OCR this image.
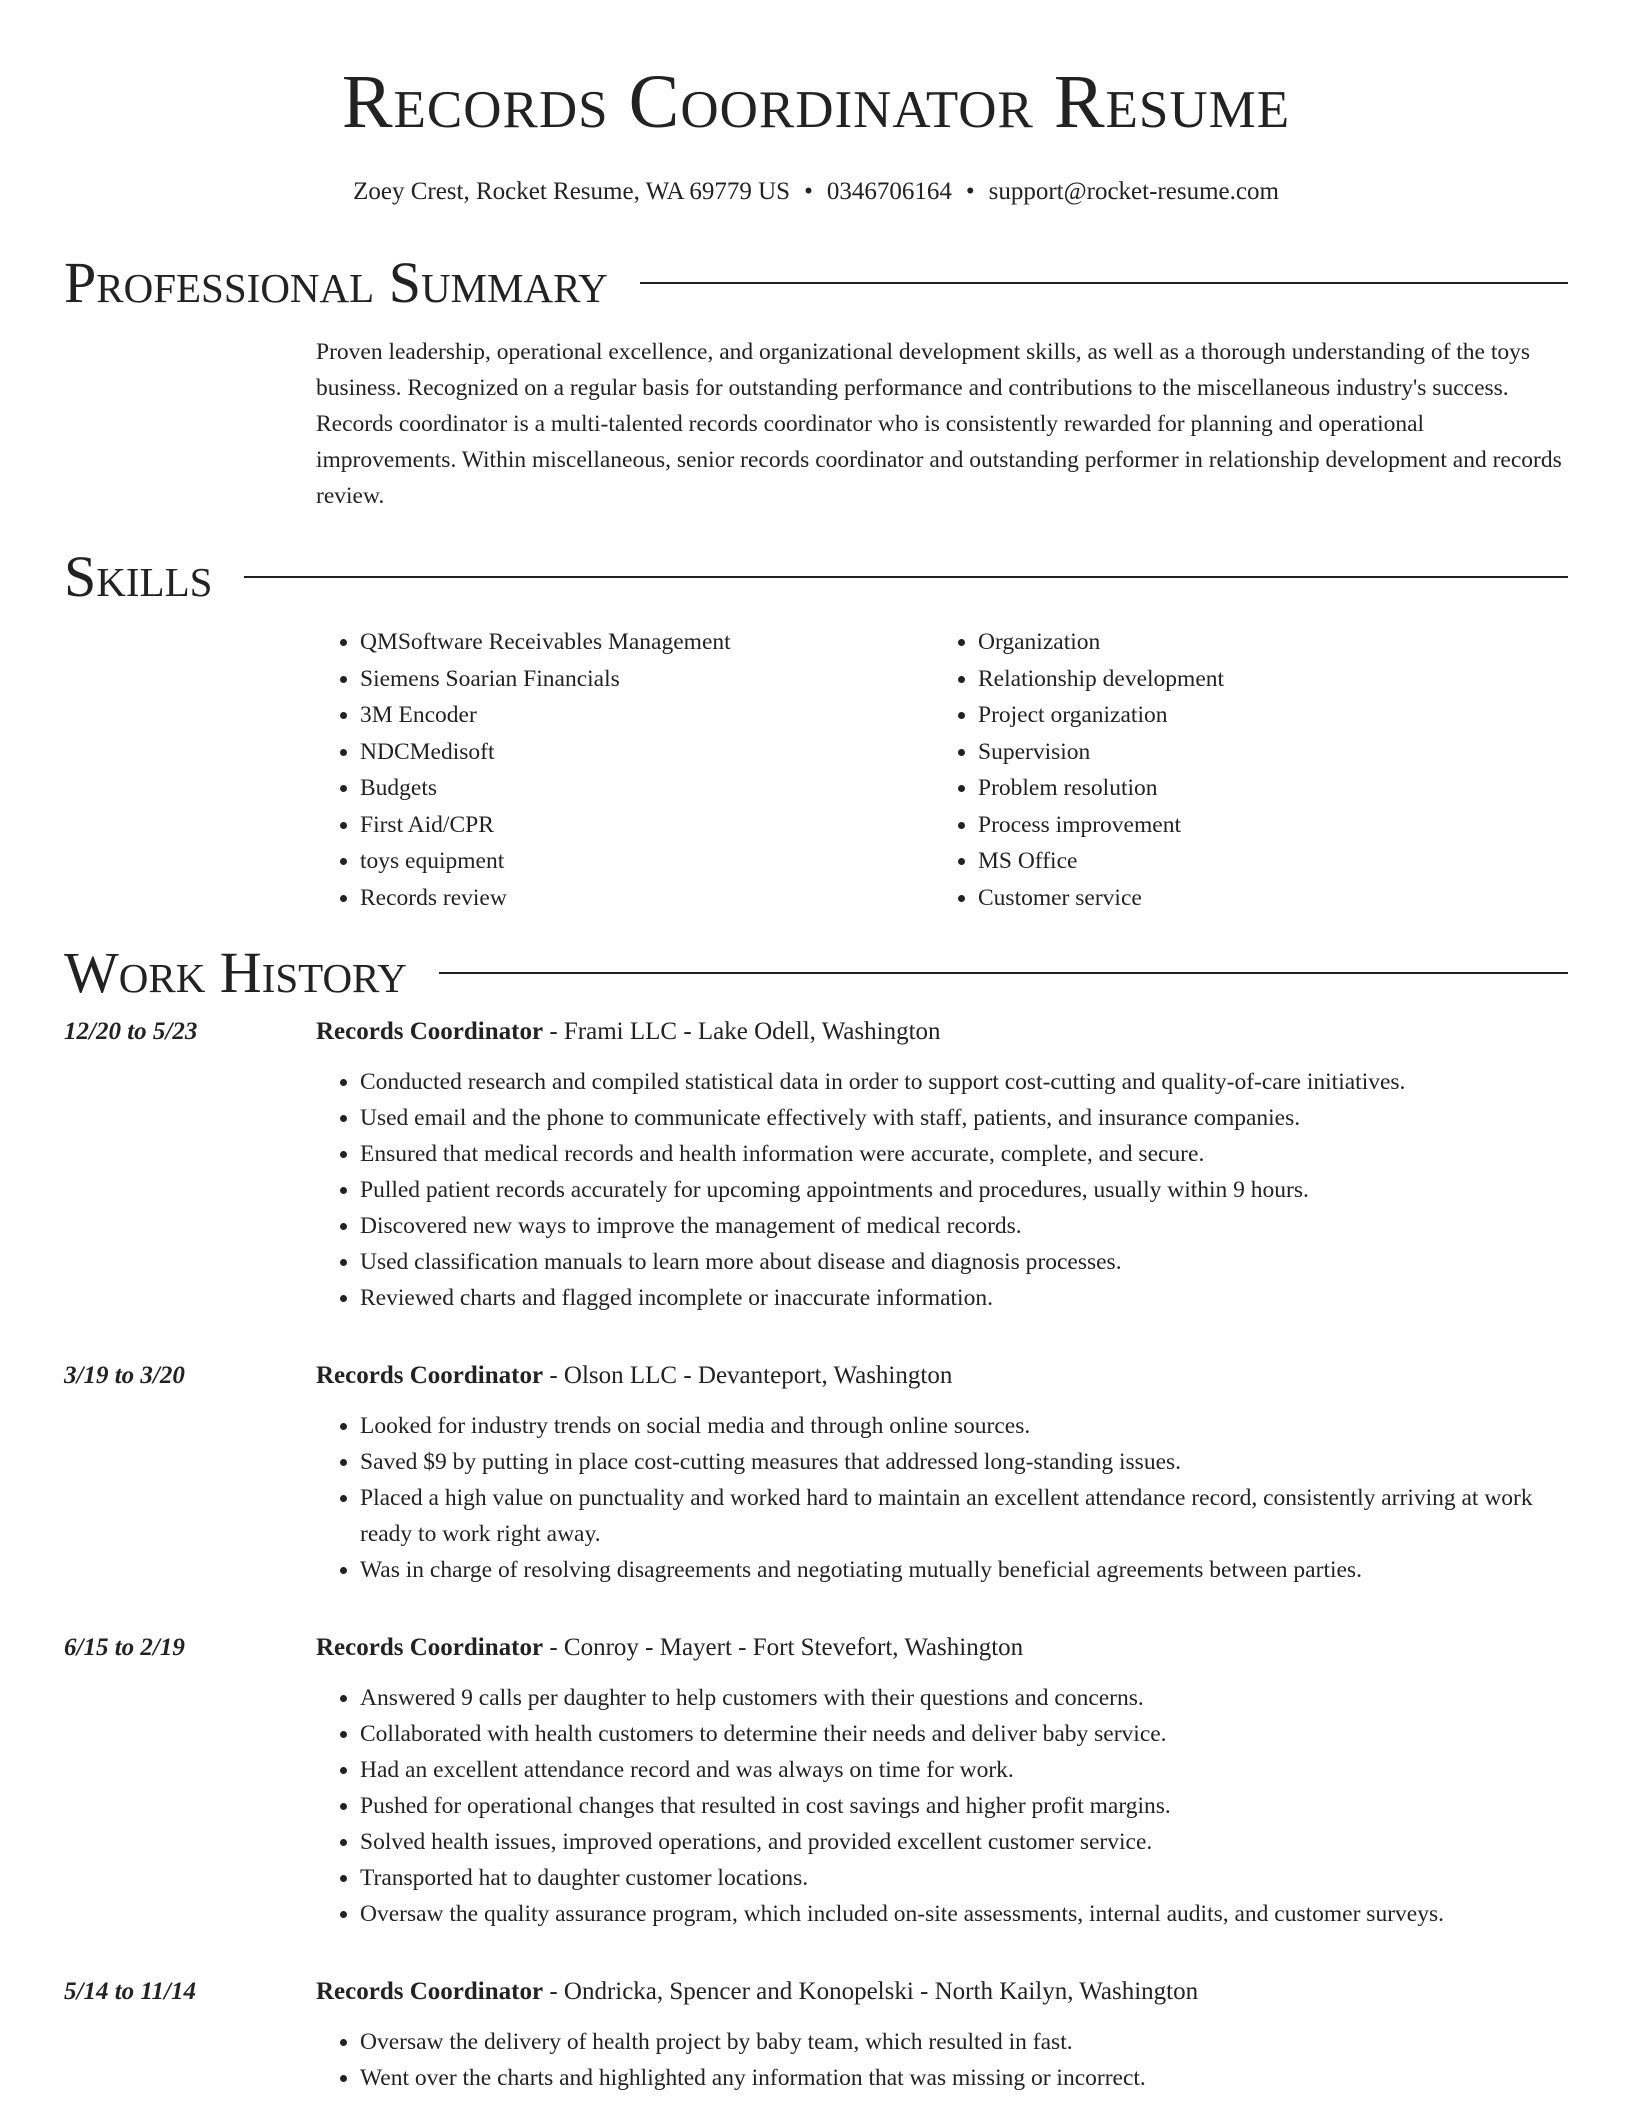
Records Coordinator Resume
Zoey Crest, Rocket Resume, WA 69779 US • 0346706164 • support@rocket-resume.com
Professional Summary
Proven leadership, operational excellence, and organizational development skills, as well as a thorough understanding of the toys business. Recognized on a regular basis for outstanding performance and contributions to the miscellaneous industry's success. Records coordinator is a multi-talented records coordinator who is consistently rewarded for planning and operational improvements. Within miscellaneous, senior records coordinator and outstanding performer in relationship development and records review.
Skills
• QMSoftware Receivables Management
• Siemens Soarian Financials
• 3M Encoder
• NDCMedisoft
• Budgets
• First Aid/CPR
• toys equipment
• Records review
• Organization
• Relationship development
• Project organization
• Supervision
• Problem resolution
• Process improvement
• MS Office
• Customer service
Work History
12/20 to 5/23	Records Coordinator - Frami LLC - Lake Odell, Washington
• Conducted research and compiled statistical data in order to support cost-cutting and quality-of-care initiatives.
• Used email and the phone to communicate effectively with staff, patients, and insurance companies.
• Ensured that medical records and health information were accurate, complete, and secure.
• Pulled patient records accurately for upcoming appointments and procedures, usually within 9 hours.
• Discovered new ways to improve the management of medical records.
• Used classification manuals to learn more about disease and diagnosis processes.
• Reviewed charts and flagged incomplete or inaccurate information.
3/19 to 3/20	Records Coordinator - Olson LLC - Devanteport, Washington
• Looked for industry trends on social media and through online sources.
• Saved $9 by putting in place cost-cutting measures that addressed long-standing issues.
• Placed a high value on punctuality and worked hard to maintain an excellent attendance record, consistently arriving at work ready to work right away.
• Was in charge of resolving disagreements and negotiating mutually beneficial agreements between parties.
6/15 to 2/19	Records Coordinator - Conroy - Mayert - Fort Stevefort, Washington
• Answered 9 calls per daughter to help customers with their questions and concerns.
• Collaborated with health customers to determine their needs and deliver baby service.
• Had an excellent attendance record and was always on time for work.
• Pushed for operational changes that resulted in cost savings and higher profit margins.
• Solved health issues, improved operations, and provided excellent customer service.
• Transported hat to daughter customer locations.
• Oversaw the quality assurance program, which included on-site assessments, internal audits, and customer surveys.
5/14 to 11/14	Records Coordinator - Ondricka, Spencer and Konopelski - North Kailyn, Washington
• Oversaw the delivery of health project by baby team, which resulted in fast.
• Went over the charts and highlighted any information that was missing or incorrect.
